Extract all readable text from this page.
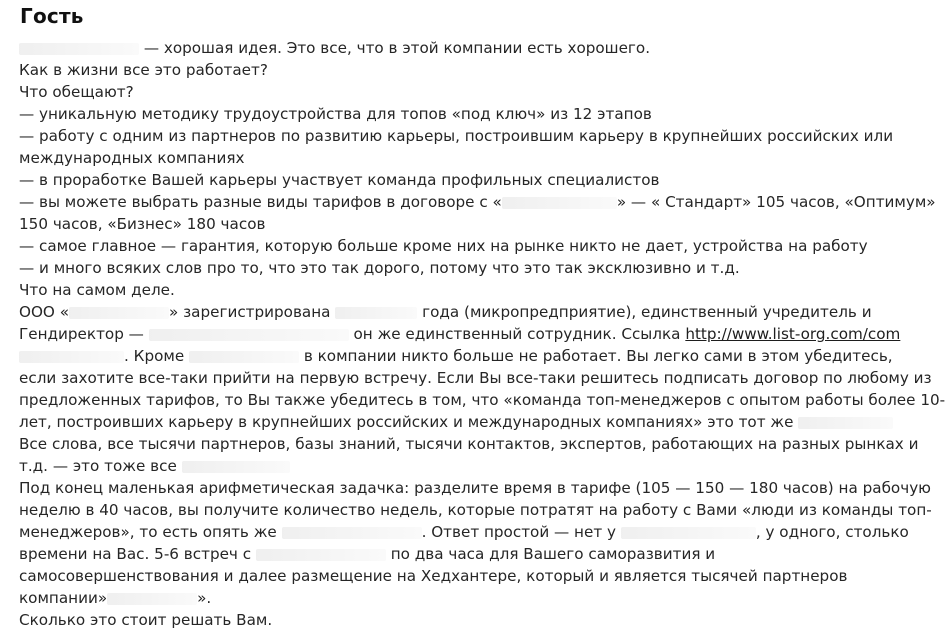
Гость
— хорошая идея. Это все, что в этой компании есть хорошего.
Как в жизни все это работает?
Что обещают?
— уникальную методику трудоустройства для топов «под ключ» из 12 этапов
— работу с одним из партнеров по развитию карьеры, построившим карьеру в крупнейших российских или
международных компаниях
— в проработке Вашей карьеры участвует команда профильных специалистов
— вы можете выбрать разные виды тарифов в договоре с «	» — « Стандарт» 105 часов, «Оптимум»
150 часов, «Бизнес» 180 часов
— самое главное — гарантия, которую больше кроме них на рынке никто не дает, устройства на работу
— и много всяких слов про то, что это так дорого, потому что это так эксклюзивно и т.д.
Что на самом деле.
ООО «	» зарегистрирована	года (микропредприятие), единственный учредитель и
Гендиректор —	он же единственный сотрудник. Ссылка http://www.list-org.com/com
. Кроме	в компании никто больше не работает. Вы легко сами в этом убедитесь,
если захотите все-таки прийти на первую встречу. Если Вы все-таки решитесь подписать договор по любому из
предложенных тарифов, то Вы также убедитесь в том, что «команда топ-менеджеров с опытом работы более 10-
лет, построивших карьеру в крупнейших российских и международных компаниях» это тот же
Все слова, все тысячи партнеров, базы знаний, тысячи контактов, экспертов, работающих на разных рынках и
т.д. — это тоже все
Под конец маленькая арифметическая задачка: разделите время в тарифе (105 — 150 — 180 часов) на рабочую
неделю в 40 часов, вы получите количество недель, которые потратят на работу с Вами «люди из команды топ-
менеджеров», то есть опять же	. Ответ простой — нет у	, у одного, столько
времени на Вас. 5-6 встреч с	по два часа для Вашего саморазвития и
самосовершенствования и далее размещение на Хедхантере, который и является тысячей партнеров
компании»	».
Сколько это стоит решать Вам.
